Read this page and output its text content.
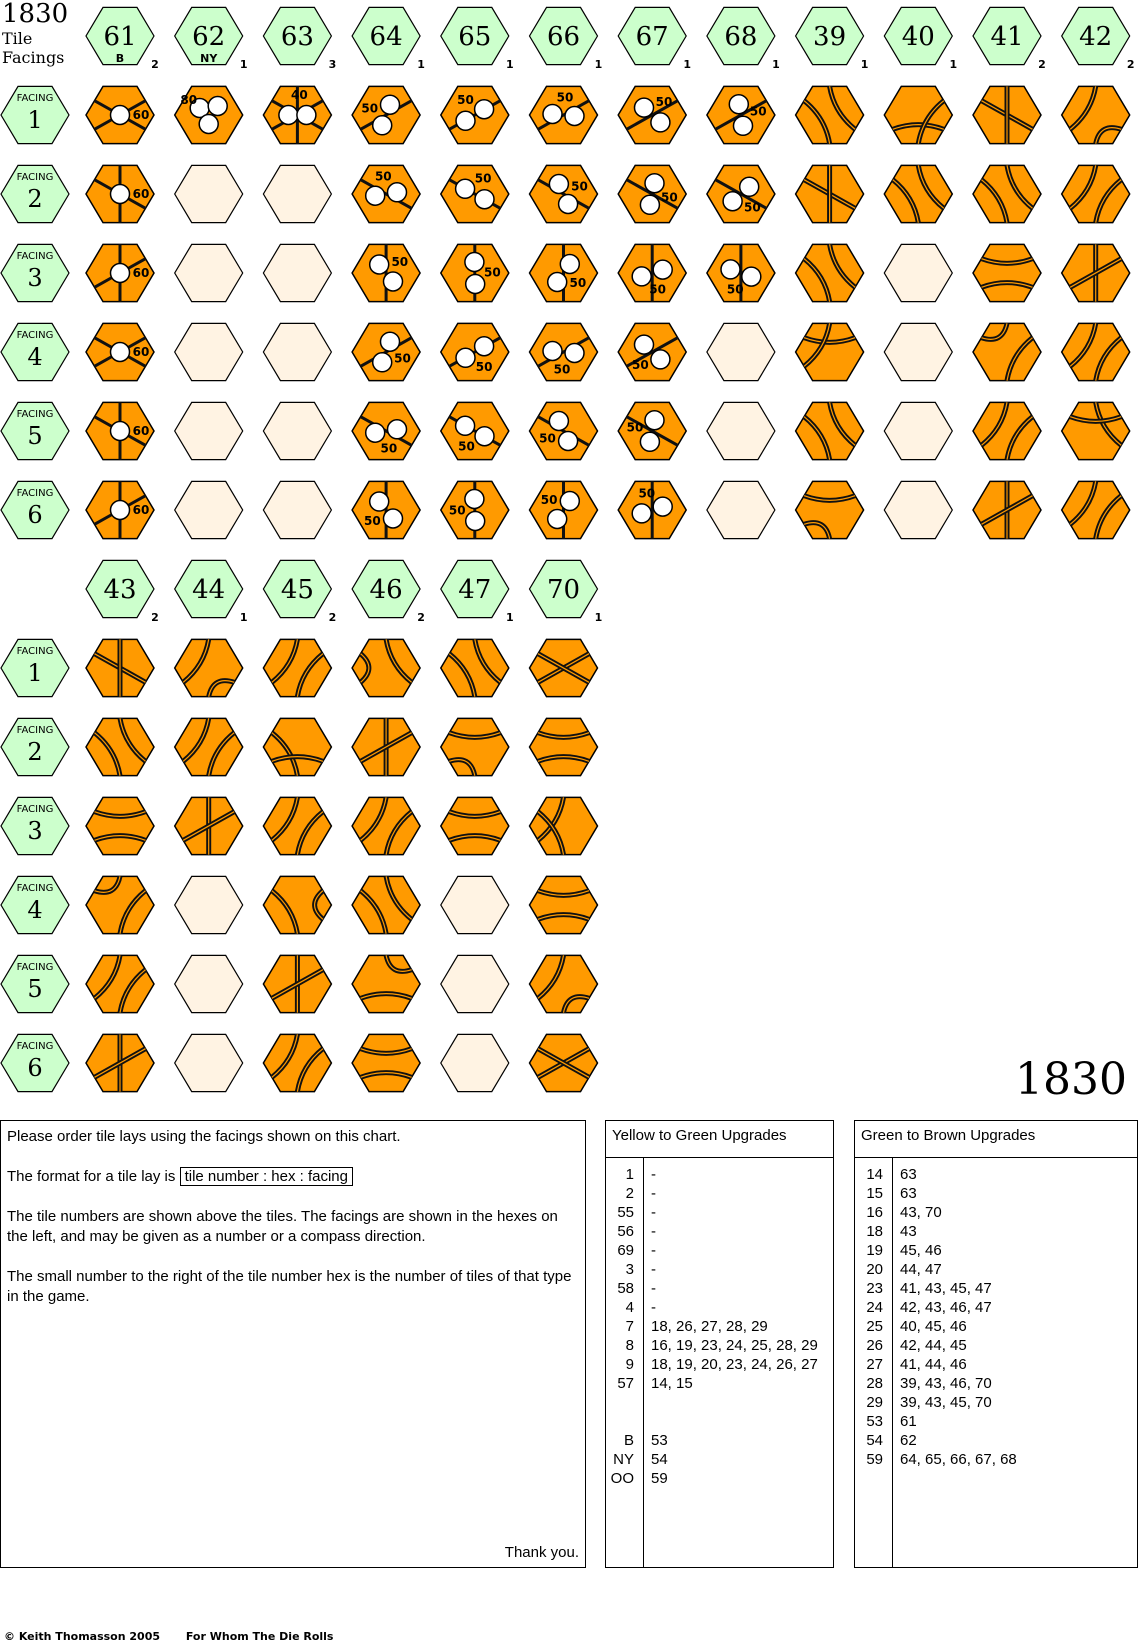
1830
Tile
Facings
61
B 2
60
60
60
60
60
60
62
NY 1
80
63
3
40
64
1
50
50
50
50
50
50
65
1
50
50
50
50
50
50
66
1
50
50
50
50
50
50
67
1
50
50
50
50
50
50
68
1
50
50
50
39
1
40
1
41
2
42
2
FACING
1
FACING
2
FACING
3
FACING
4
FACING
5
FACING
6
43
2
44
1
45
2
46
2
47
1
70
1
FACING
1
FACING
2
FACING
3
FACING
4
FACING
5
FACING
6	1830

Please order tile lays using the facings shown on this chart.

The format for a tile lay is tile number : hex : facing

The tile numbers are shown above the tiles. The facings are shown in the hexes on the left, and may be given as a number or a compass direction.

The small number to the right of the tile number hex is the number of tiles of that type in the game.

Thank you.
Yellow to Green Upgrades
1 -
2 -
55 -
56 -
69 -
3 -
58 -
4 -
7 18, 26, 27, 28, 29
8 16, 19, 23, 24, 25, 28, 29
9 18, 19, 20, 23, 24, 26, 27
57 14, 15
B 53
NY 54
OO 59
Green to Brown Upgrades
14 63
15 63
16 43, 70
18 43
19 45, 46
20 44, 47
23 41, 43, 45, 47
24 42, 43, 46, 47
25 40, 45, 46
26 42, 44, 45
27 41, 44, 46
28 39, 43, 46, 70
29 39, 43, 45, 70
53 61
54 62
59 64, 65, 66, 67, 68
© Keith Thomasson 2005 For Whom The Die Rolls
